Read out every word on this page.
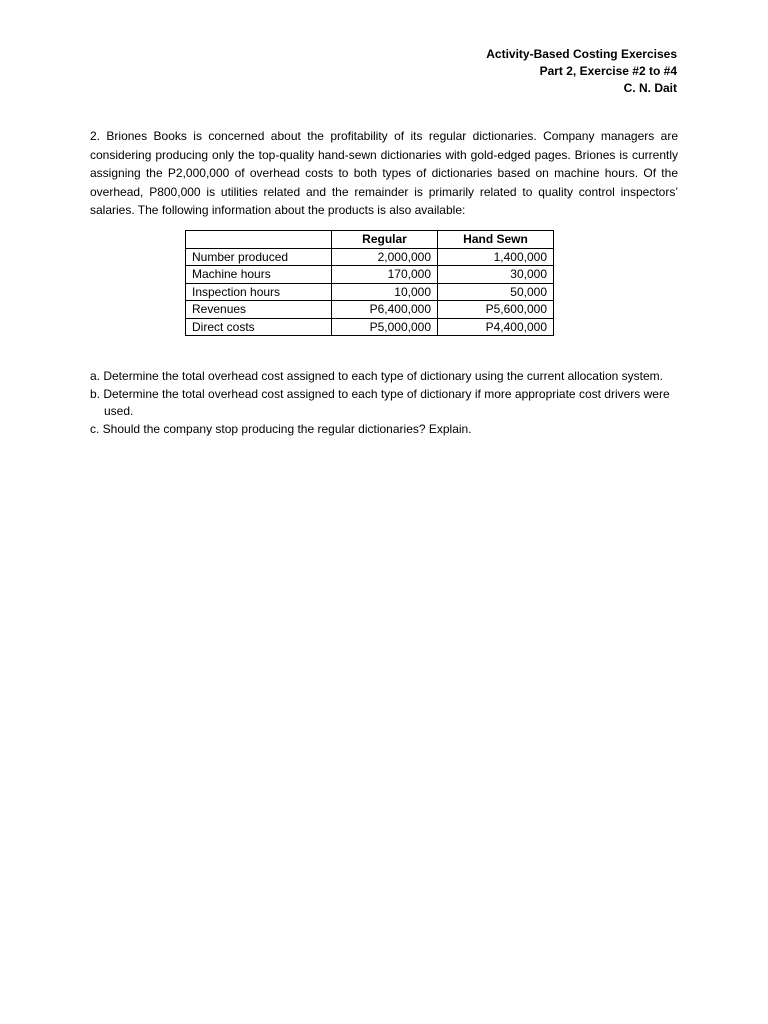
Activity-Based Costing Exercises
Part 2, Exercise #2 to #4
C. N. Dait
2. Briones Books is concerned about the profitability of its regular dictionaries. Company managers are considering producing only the top-quality hand-sewn dictionaries with gold-edged pages. Briones is currently assigning the P2,000,000 of overhead costs to both types of dictionaries based on machine hours. Of the overhead, P800,000 is utilities related and the remainder is primarily related to quality control inspectors’ salaries. The following information about the products is also available:
	Regular	Hand Sewn
Number produced	2,000,000	1,400,000
Machine hours	170,000	30,000
Inspection hours	10,000	50,000
Revenues	P6,400,000	P5,600,000
Direct costs	P5,000,000	P4,400,000
a. Determine the total overhead cost assigned to each type of dictionary using the current allocation system.
b. Determine the total overhead cost assigned to each type of dictionary if more appropriate cost drivers were used.
c. Should the company stop producing the regular dictionaries? Explain.
